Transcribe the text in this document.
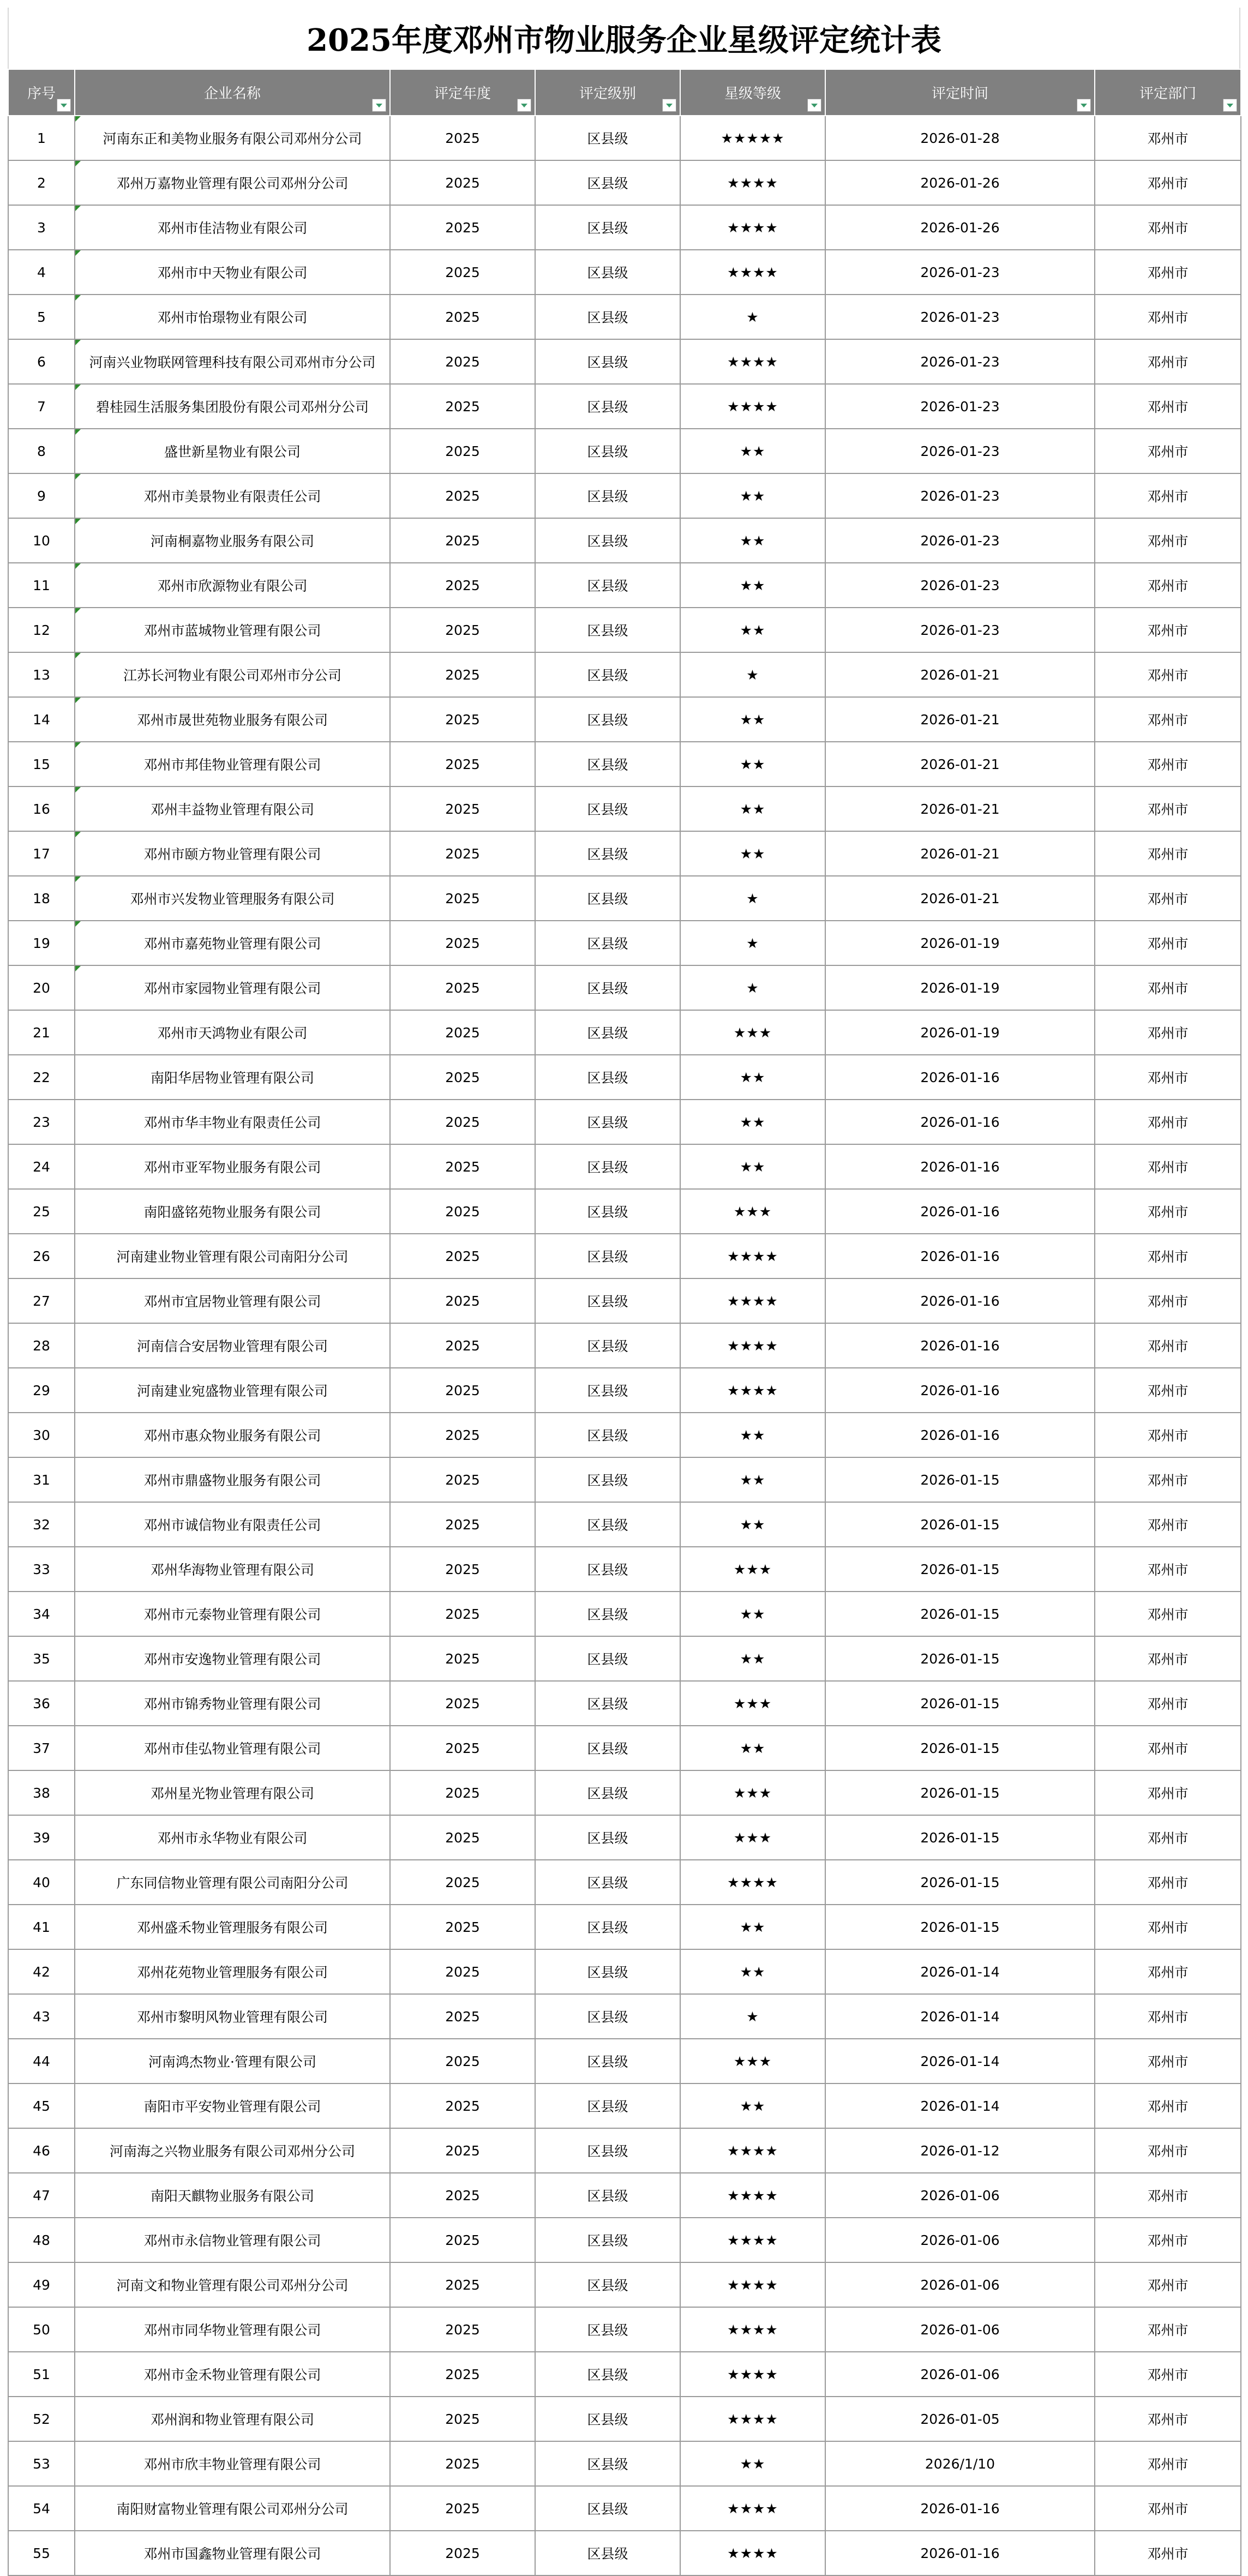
2025年度邓州市物业服务企业星级评定统计表
序号	企业名称	评定年度	评定级别	星级等级	评定时间	评定部门

1	河南东正和美物业服务有限公司邓州分公司	2025	区县级	★★★★★	2026-01-28	邓州市
2	邓州万嘉物业管理有限公司邓州分公司	2025	区县级	★★★★	2026-01-26	邓州市
3	邓州市佳洁物业有限公司	2025	区县级	★★★★	2026-01-26	邓州市
4	邓州市中天物业有限公司	2025	区县级	★★★★	2026-01-23	邓州市
5	邓州市怡璟物业有限公司	2025	区县级	★	2026-01-23	邓州市
6	河南兴业物联网管理科技有限公司邓州市分公司	2025	区县级	★★★★	2026-01-23	邓州市
7	碧桂园生活服务集团股份有限公司邓州分公司	2025	区县级	★★★★	2026-01-23	邓州市
8	盛世新星物业有限公司	2025	区县级	★★	2026-01-23	邓州市
9	邓州市美景物业有限责任公司	2025	区县级	★★	2026-01-23	邓州市
10	河南桐嘉物业服务有限公司	2025	区县级	★★	2026-01-23	邓州市
11	邓州市欣源物业有限公司	2025	区县级	★★	2026-01-23	邓州市
12	邓州市蓝城物业管理有限公司	2025	区县级	★★	2026-01-23	邓州市
13	江苏长河物业有限公司邓州市分公司	2025	区县级	★	2026-01-21	邓州市
14	邓州市晟世苑物业服务有限公司	2025	区县级	★★	2026-01-21	邓州市
15	邓州市邦佳物业管理有限公司	2025	区县级	★★	2026-01-21	邓州市
16	邓州丰益物业管理有限公司	2025	区县级	★★	2026-01-21	邓州市
17	邓州市颐方物业管理有限公司	2025	区县级	★★	2026-01-21	邓州市
18	邓州市兴发物业管理服务有限公司	2025	区县级	★	2026-01-21	邓州市
19	邓州市嘉苑物业管理有限公司	2025	区县级	★	2026-01-19	邓州市
20	邓州市家园物业管理有限公司	2025	区县级	★	2026-01-19	邓州市
21	邓州市天鸿物业有限公司	2025	区县级	★★★	2026-01-19	邓州市
22	南阳华居物业管理有限公司	2025	区县级	★★	2026-01-16	邓州市
23	邓州市华丰物业有限责任公司	2025	区县级	★★	2026-01-16	邓州市
24	邓州市亚军物业服务有限公司	2025	区县级	★★	2026-01-16	邓州市
25	南阳盛铭苑物业服务有限公司	2025	区县级	★★★	2026-01-16	邓州市
26	河南建业物业管理有限公司南阳分公司	2025	区县级	★★★★	2026-01-16	邓州市
27	邓州市宜居物业管理有限公司	2025	区县级	★★★★	2026-01-16	邓州市
28	河南信合安居物业管理有限公司	2025	区县级	★★★★	2026-01-16	邓州市
29	河南建业宛盛物业管理有限公司	2025	区县级	★★★★	2026-01-16	邓州市
30	邓州市惠众物业服务有限公司	2025	区县级	★★	2026-01-16	邓州市
31	邓州市鼎盛物业服务有限公司	2025	区县级	★★	2026-01-15	邓州市
32	邓州市诚信物业有限责任公司	2025	区县级	★★	2026-01-15	邓州市
33	邓州华海物业管理有限公司	2025	区县级	★★★	2026-01-15	邓州市
34	邓州市元泰物业管理有限公司	2025	区县级	★★	2026-01-15	邓州市
35	邓州市安逸物业管理有限公司	2025	区县级	★★	2026-01-15	邓州市
36	邓州市锦秀物业管理有限公司	2025	区县级	★★★	2026-01-15	邓州市
37	邓州市佳弘物业管理有限公司	2025	区县级	★★	2026-01-15	邓州市
38	邓州星光物业管理有限公司	2025	区县级	★★★	2026-01-15	邓州市
39	邓州市永华物业有限公司	2025	区县级	★★★	2026-01-15	邓州市
40	广东同信物业管理有限公司南阳分公司	2025	区县级	★★★★	2026-01-15	邓州市
41	邓州盛禾物业管理服务有限公司	2025	区县级	★★	2026-01-15	邓州市
42	邓州花苑物业管理服务有限公司	2025	区县级	★★	2026-01-14	邓州市
43	邓州市黎明风物业管理有限公司	2025	区县级	★	2026-01-14	邓州市
44	河南鸿杰物业·管理有限公司	2025	区县级	★★★	2026-01-14	邓州市
45	南阳市平安物业管理有限公司	2025	区县级	★★	2026-01-14	邓州市
46	河南海之兴物业服务有限公司邓州分公司	2025	区县级	★★★★	2026-01-12	邓州市
47	南阳天麒物业服务有限公司	2025	区县级	★★★★	2026-01-06	邓州市
48	邓州市永信物业管理有限公司	2025	区县级	★★★★	2026-01-06	邓州市
49	河南文和物业管理有限公司邓州分公司	2025	区县级	★★★★	2026-01-06	邓州市
50	邓州市同华物业管理有限公司	2025	区县级	★★★★	2026-01-06	邓州市
51	邓州市金禾物业管理有限公司	2025	区县级	★★★★	2026-01-06	邓州市
52	邓州润和物业管理有限公司	2025	区县级	★★★★	2026-01-05	邓州市
53	邓州市欣丰物业管理有限公司	2025	区县级	★★	2026/1/10	邓州市
54	南阳财富物业管理有限公司邓州分公司	2025	区县级	★★★★	2026-01-16	邓州市
55	邓州市国鑫物业管理有限公司	2025	区县级	★★★★	2026-01-16	邓州市
